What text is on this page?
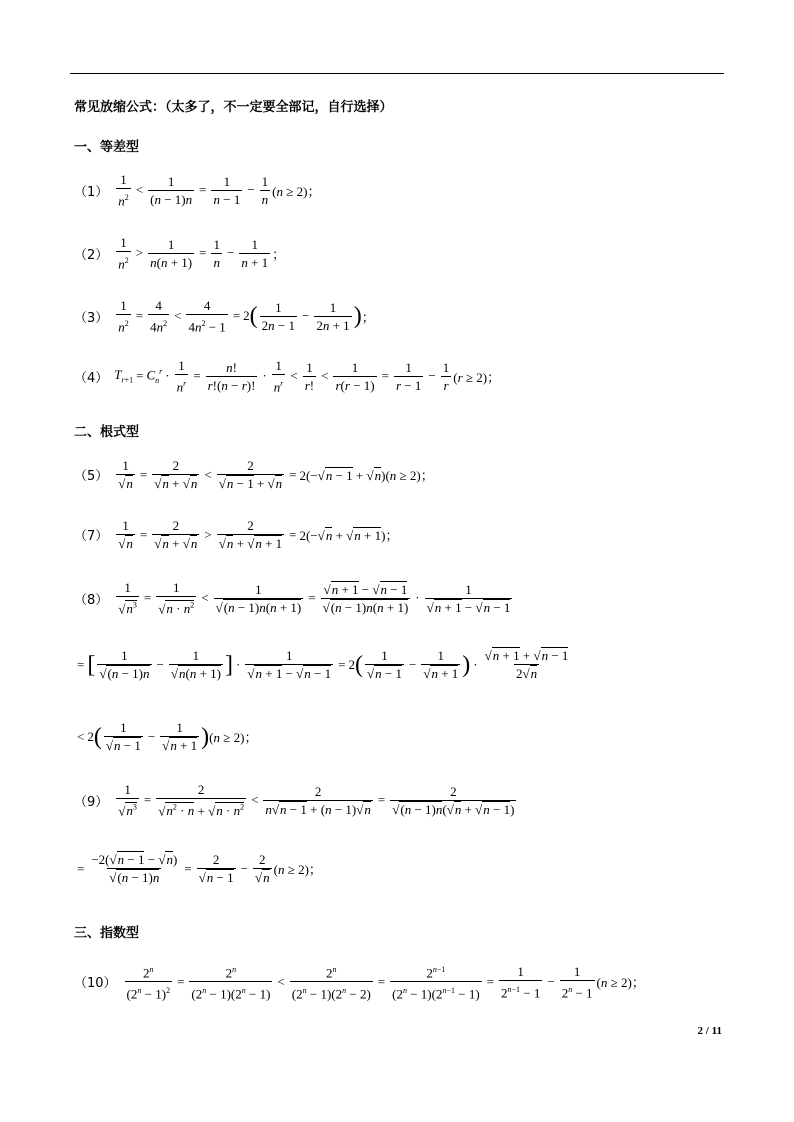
常见放缩公式：（太多了，不一定要全部记，自行选择）
一、等差型
二、根式型
三、指数型
$(1) \frac{1}{n^2} < \frac{1}{(n - 1)n} = \frac{1}{n - 1} - \frac{1}{n} (n \ge 2)$；
$(2) \frac{1}{n^2} > \frac{1}{n(n + 1)} = \frac{1}{n} - \frac{1}{n + 1}$ ；
$(3) \frac{1}{n^2} = \frac{4}{4n^2} < \frac{4}{4n^2 - 1} = 2$ ( $\frac{1}{2n - 1} - \frac{1}{2n + 1}$ ) ；
（4） $T_{r+1} = C_n^r \cdot \frac{1}{n^r} = \frac{n!}{r!(n - r)!} \cdot \frac{1}{n^r} < \frac{1}{r!} < \frac{1}{r(r - 1)} = \frac{1}{r - 1} - \frac{1}{r} (r \ge 2)$；
$(5) \frac{1}{√n} = \frac{2}{√n + √n} < \frac{2}{√n - 1 + √n} = 2(-√n - 1 + √n)(n \ge 2)$；
$(7) \frac{1}{√n} = \frac{2}{√n + √n} > \frac{2}{√n + √n + 1} = 2(-√n + √n + 1)$；
$(8) \frac{1}{√n^3} = \frac{1}{√n \cdot n^2} < \frac{1}{√(n - 1)n(n + 1)} = \frac{√n + 1 - √n - 1}{√(n - 1)n(n + 1)} \cdot \frac{1}{√n + 1 - √n - 1}$
= [ $\frac{1}{√(n - 1)n} - \frac{1}{√n(n + 1)}$ ] · $\frac{1}{√n + 1 - √n - 1} = 2$ ( $\frac{1}{√n - 1} - \frac{1}{√n + 1}$ ) · $\frac{√n + 1 + √n - 1}{2√n}$
< 2 ( $\frac{1}{√n - 1} - \frac{1}{√n + 1}$ ) (n ≥ 2)；
$(9) \frac{1}{√n^3} = \frac{2}{√n^2 \cdot n + √n \cdot n^2} < \frac{2}{n√n - 1 + (n - 1)√n} = \frac{2}{√(n - 1)n(√n + √n - 1)}$
= $\frac{-2(√n - 1 - √n)}{√(n - 1)n} = \frac{2}{√n - 1} - \frac{2}{√n} (n \ge 2)$；
$(10) \frac{2^n}{(2^n - 1)^2} = \frac{2^n}{(2^n - 1)(2^n - 1)} < \frac{2^n}{(2^n - 1)(2^n - 2)} = \frac{2^{n-1}}{(2^n - 1)(2^{n-1} - 1)} = \frac{1}{2^{n-1} - 1} - \frac{1}{2^n - 1} (n \ge 2)$；
2 / 11
